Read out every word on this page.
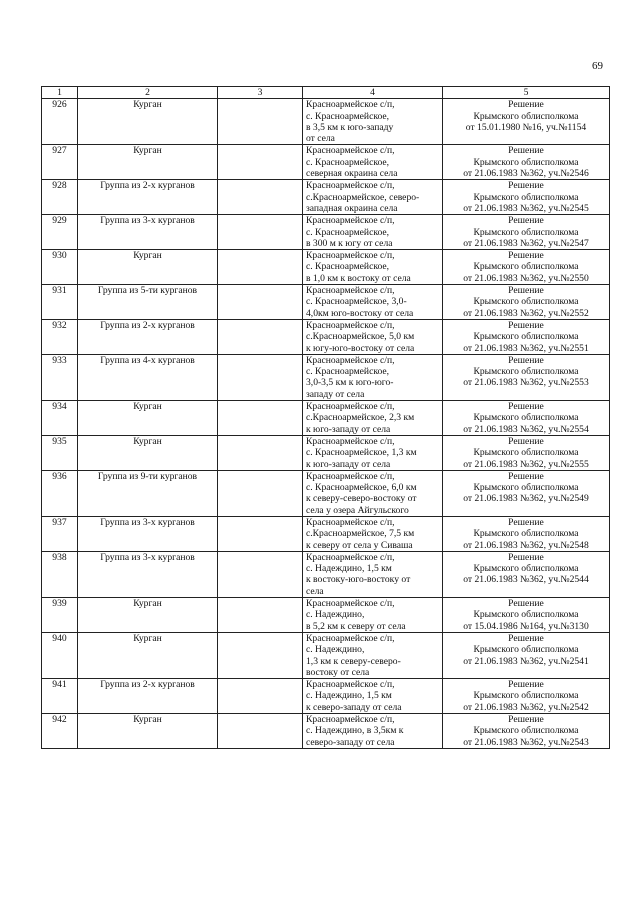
69
1	2	3	4	5
926	Курган		Красноармейское с/п,
с. Красноармейское,
в 3,5 км к юго-западу
от села	Решение
Крымского облисполкома
от 15.01.1980 №16, уч.№1154
927	Курган		Красноармейское с/п,
с. Красноармейское,
северная окраина села	Решение
Крымского облисполкома
от 21.06.1983 №362, уч.№2546
928	Группа из 2-х курганов		Красноармейское с/п,
с.Красноармейское, северо-
западная окраина села	Решение
Крымского облисполкома
от 21.06.1983 №362, уч.№2545
929	Группа из 3-х курганов		Красноармейское с/п,
с. Красноармейское,
в 300 м к югу от села	Решение
Крымского облисполкома
от 21.06.1983 №362, уч.№2547
930	Курган		Красноармейское с/п,
с. Красноармейское,
в 1,0 км к востоку от села	Решение
Крымского облисполкома
от 21.06.1983 №362, уч.№2550
931	Группа из 5-ти курганов		Красноармейское с/п,
с. Красноармейское, 3,0-
4,0км юго-востоку от села	Решение
Крымского облисполкома
от 21.06.1983 №362, уч.№2552
932	Группа из 2-х курганов		Красноармейское с/п,
с.Красноармейское, 5,0 км
к югу-юго-востоку от села	Решение
Крымского облисполкома
от 21.06.1983 №362, уч.№2551
933	Группа из 4-х курганов		Красноармейское с/п,
с. Красноармейское,
3,0-3,5 км к юго-юго-
западу от села	Решение
Крымского облисполкома
от 21.06.1983 №362, уч.№2553
934	Курган		Красноармейское с/п,
с.Красноармейское, 2,3 км
к юго-западу от села	Решение
Крымского облисполкома
от 21.06.1983 №362, уч.№2554
935	Курган		Красноармейское с/п,
с. Красноармейское, 1,3 км
к юго-западу от села	Решение
Крымского облисполкома
от 21.06.1983 №362, уч.№2555
936	Группа из 9-ти курганов		Красноармейское с/п,
с. Красноармейское, 6,0 км
к северу-северо-востоку от
села у озера Айгульского	Решение
Крымского облисполкома
от 21.06.1983 №362, уч.№2549
937	Группа из 3-х курганов		Красноармейское с/п,
с.Красноармейское, 7,5 км
к северу от села у Сиваша	Решение
Крымского облисполкома
от 21.06.1983 №362, уч.№2548
938	Группа из 3-х курганов		Красноармейское с/п,
с. Надеждино, 1,5 км
к востоку-юго-востоку от
села	Решение
Крымского облисполкома
от 21.06.1983 №362, уч.№2544
939	Курган		Красноармейское с/п,
с. Надеждино,
в 5,2 км к северу от села	Решение
Крымского облисполкома
от 15.04.1986 №164, уч.№3130
940	Курган		Красноармейское с/п,
с. Надеждино,
1,3 км к северу-северо-
востоку от села	Решение
Крымского облисполкома
от 21.06.1983 №362, уч.№2541
941	Группа из 2-х курганов		Красноармейское с/п,
с. Надеждино, 1,5 км
к северо-западу от села	Решение
Крымского облисполкома
от 21.06.1983 №362, уч.№2542
942	Курган		Красноармейское с/п,
с. Надеждино, в 3,5км к
северо-западу от села	Решение
Крымского облисполкома
от 21.06.1983 №362, уч.№2543
